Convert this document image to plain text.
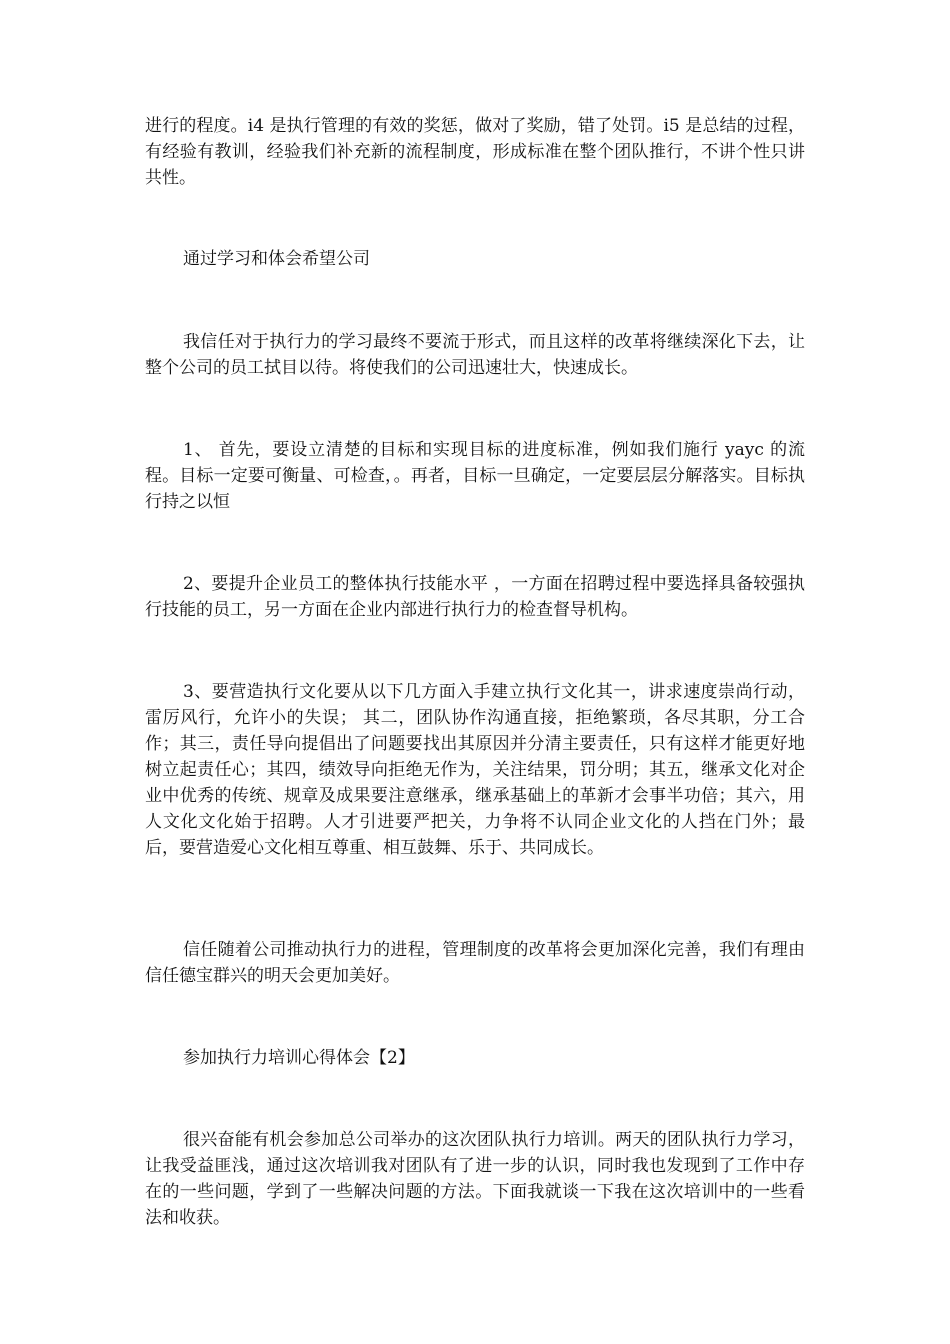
进行的程度。i4 是执行管理的有效的奖惩，做对了奖励，错了处罚。i5 是总结的过程，有经验有教训，经验我们补充新的流程制度，形成标准在整个团队推行，不讲个性只讲共性。

通过学习和体会希望公司

我信任对于执行力的学习最终不要流于形式，而且这样的改革将继续深化下去，让整个公司的员工拭目以待。将使我们的公司迅速壮大，快速成长。

1、 首先，要设立清楚的目标和实现目标的进度标准，例如我们施行 yayc 的流程。目标一定要可衡量、可检查，。再者，目标一旦确定，一定要层层分解落实。目标执行持之以恒

2、要提升企业员工的整体执行技能水平 ，一方面在招聘过程中要选择具备较强执行技能的员工，另一方面在企业内部进行执行力的检查督导机构。

3、要营造执行文化要从以下几方面入手建立执行文化其一，讲求速度崇尚行动，雷厉风行，允许小的失误； 其二，团队协作沟通直接，拒绝繁琐，各尽其职，分工合作；其三，责任导向提倡出了问题要找出其原因并分清主要责任，只有这样才能更好地树立起责任心；其四，绩效导向拒绝无作为，关注结果，罚分明；其五，继承文化对企业中优秀的传统、规章及成果要注意继承，继承基础上的革新才会事半功倍；其六，用人文化文化始于招聘。人才引进要严把关，力争将不认同企业文化的人挡在门外；最后，要营造爱心文化相互尊重、相互鼓舞、乐于、共同成长。

信任随着公司推动执行力的进程，管理制度的改革将会更加深化完善，我们有理由信任德宝群兴的明天会更加美好。

参加执行力培训心得体会【2】

很兴奋能有机会参加总公司举办的这次团队执行力培训。两天的团队执行力学习，让我受益匪浅，通过这次培训我对团队有了进一步的认识，同时我也发现到了工作中存在的一些问题，学到了一些解决问题的方法。下面我就谈一下我在这次培训中的一些看法和收获。
